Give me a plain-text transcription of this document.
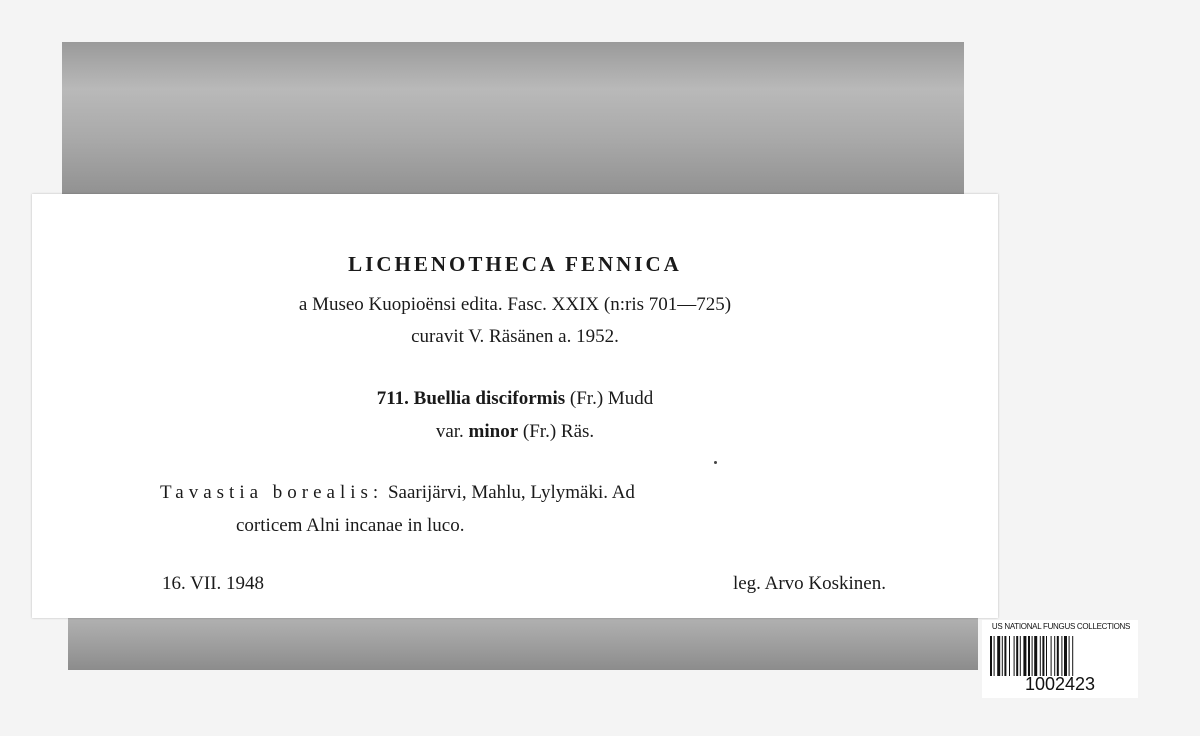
LICHENOTHECA FENNICA
a Museo Kuopioënsi edita. Fasc. XXIX (n:ris 701—725)
curavit V. Räsänen a. 1952.
711. Buellia disciformis (Fr.) Mudd
var. minor (Fr.) Räs.
Tavastia borealis: Saarijärvi, Mahlu, Lylymäki. Ad
corticem Alni incanae in luco.
16. VII. 1948	leg. Arvo Koskinen.
US NATIONAL FUNGUS COLLECTIONS
1002423
